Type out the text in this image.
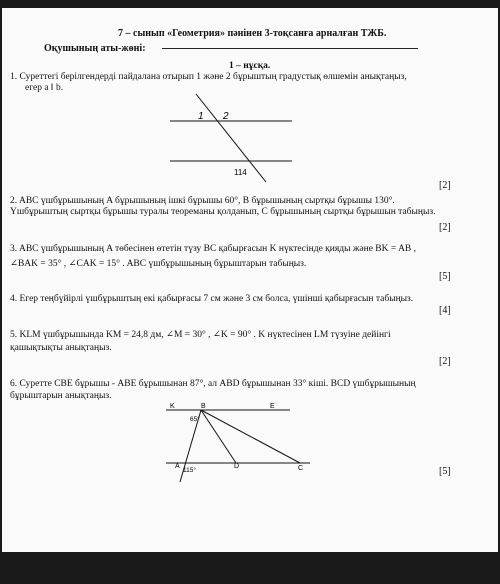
7 – сынып «Геометрия» пәнінен 3-тоқсанға арналған ТЖБ.
Оқушының аты-жөні:
1 – нұсқа.
1. Суреттегі берілгендерді пайдалана отырып 1 және 2 бұрыштың градустық өлшемін анықтаңыз,
егер a ‖ b.
1 2
114
[2]
2. ABC үшбұрышының A бұрышының ішкі бұрышы 60°, B бұрышының сыртқы бұрышы 130°.
Үшбұрыштың сыртқы бұрышы туралы теореманы қолданып, C бұрышының сыртқы бұрышын табыңыз.
[2]
3. ABC үшбұрышының A төбесінен өтетін түзу BC қабырғасын K нүктесінде қияды және BK = AB ,
∠BAK = 35° , ∠CAK = 15° . ABC үшбұрышының бұрыштарын табыңыз.
[5]
4. Егер теңбүйірлі үшбұрыштың екі қабырғасы 7 см және 3 см болса, үшінші қабырғасын табыңыз.
[4]
5. KLM үшбұрышында KM = 24,8 дм, ∠M = 30° , ∠K = 90° . K нүктесінен LM түзуіне дейінгі
қашықтықты анықтаңыз.
[2]
6. Суретте CBE бұрышы - ABE бұрышынан 87°, ал ABD бұрышынан 33° кіші. BCD үшбұрышының
бұрыштарын анықтаңыз.
K	B	E
A	D	C
65°
115°	[5]
